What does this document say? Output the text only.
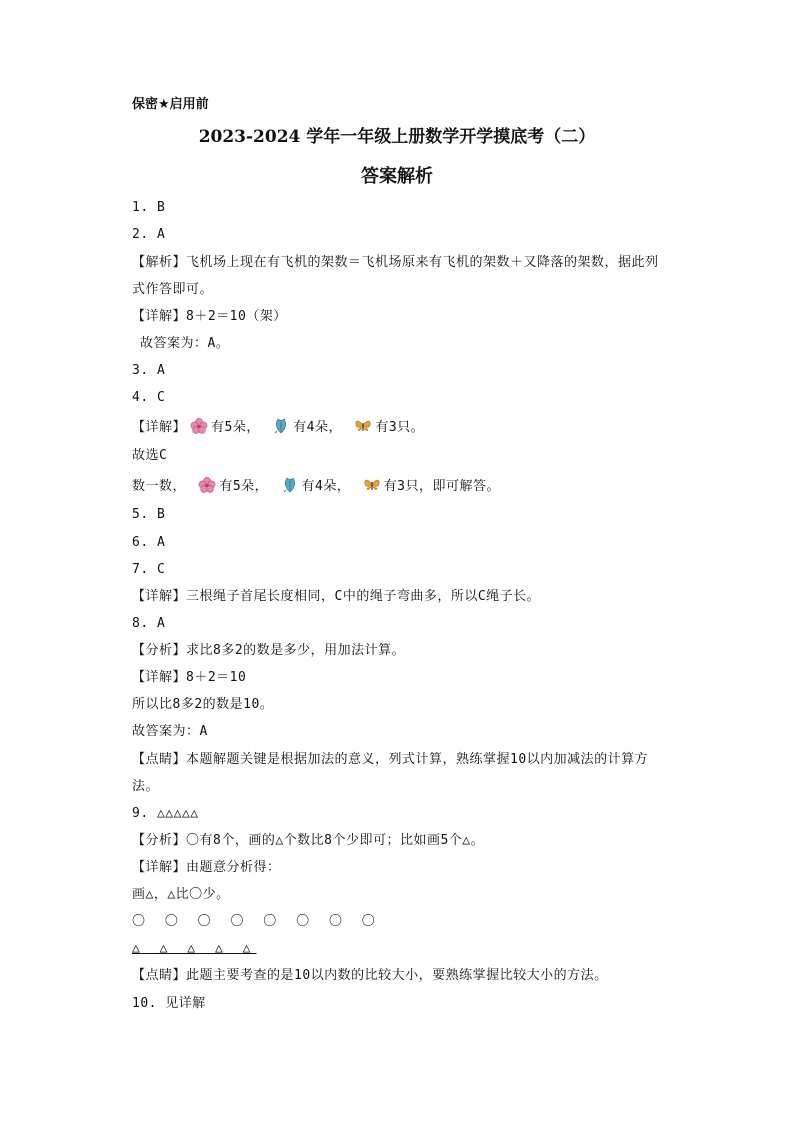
保密★启用前
2023-2024 学年一年级上册数学开学摸底考（二）
答案解析
1. B
2. A
【解析】飞机场上现在有飞机的架数＝飞机场原来有飞机的架数＋又降落的架数，据此列
式作答即可。
【详解】8＋2＝10（架）
故答案为：A。
3. A
4. C
【详解】 有5朵，	有4朵，	有3只。
故选C
数一数，	有5朵，	有4朵，	有3只，即可解答。
5. B
6. A
7. C
【详解】三根绳子首尾长度相同，C中的绳子弯曲多，所以C绳子长。
8. A
【分析】求比8多2的数是多少，用加法计算。
【详解】8＋2＝10
所以比8多2的数是10。
故答案为：A
【点睛】本题解题关键是根据加法的意义，列式计算，熟练掌握10以内加减法的计算方
法。
9. △△△△△
【分析】〇有8个，画的△个数比8个少即可；比如画5个△。
【详解】由题意分析得：
画△，△比〇少。
〇 〇 〇 〇 〇 〇 〇 〇
△ △ △ △ △
【点睛】此题主要考查的是10以内数的比较大小，要熟练掌握比较大小的方法。
10. 见详解
